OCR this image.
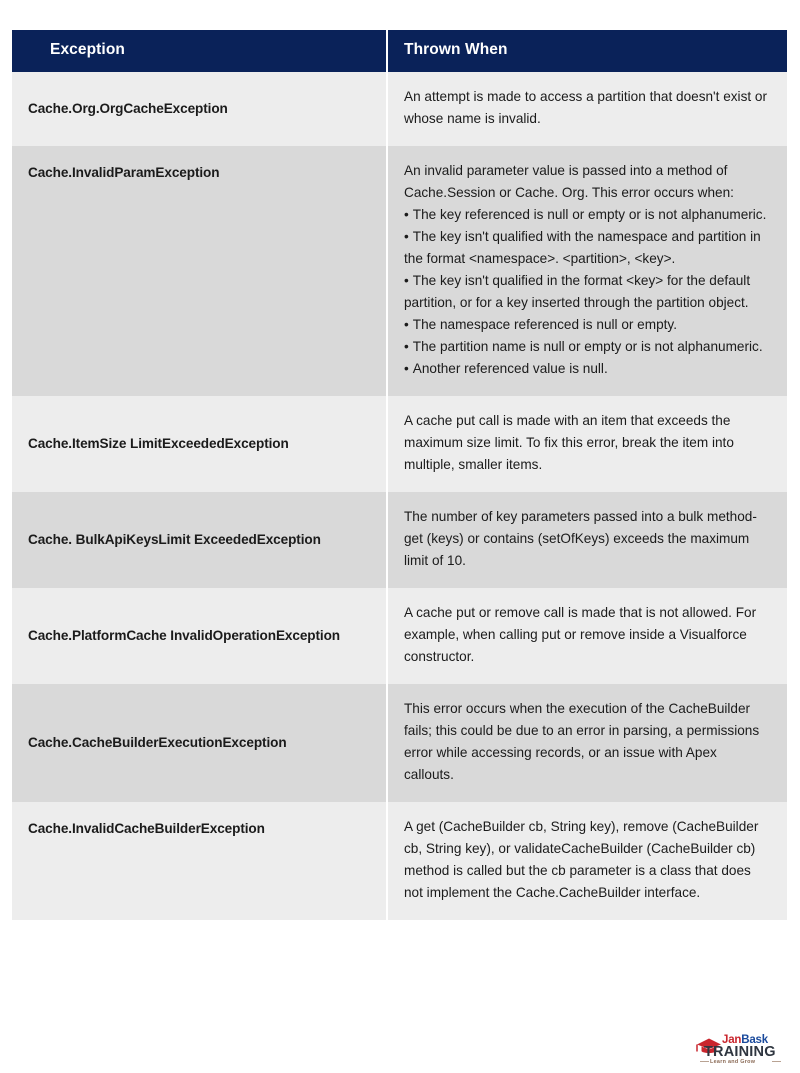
Exception	Thrown When

Cache.Org.OrgCacheException	An attempt is made to access a partition that doesn't exist or whose name is invalid.

Cache.InvalidParamException	An invalid parameter value is passed into a method of Cache.Session or Cache. Org. This error occurs when:

• The key referenced is null or empty or is not alphanumeric.

• The key isn't qualified with the namespace and partition in the format <namespace>. <partition>, <key>.

• The key isn't qualified in the format <key> for the default partition, or for a key inserted through the partition object.

• The namespace referenced is null or empty.

• The partition name is null or empty or is not alphanumeric.

• Another referenced value is null.

Cache.ItemSize LimitExceededException	A cache put call is made with an item that exceeds the maximum size limit. To fix this error, break the item into multiple, smaller items.

Cache. BulkApiKeysLimit ExceededException	The number of key parameters passed into a bulk method- get (keys) or contains (setOfKeys) exceeds the maximum limit of 10.

Cache.PlatformCache InvalidOperationException	A cache put or remove call is made that is not allowed. For example, when calling put or remove inside a Visualforce constructor.

Cache.CacheBuilderExecutionException	This error occurs when the execution of the CacheBuilder fails; this could be due to an error in parsing, a permissions error while accessing records, or an issue with Apex callouts.

Cache.InvalidCacheBuilderException	A get (CacheBuilder cb, String key), remove (CacheBuilder cb, String key), or validateCacheBuilder (CacheBuilder cb) method is called but the cb parameter is a class that does not implement the Cache.CacheBuilder interface.

JanBask
TRAINING
Learn and Grow
